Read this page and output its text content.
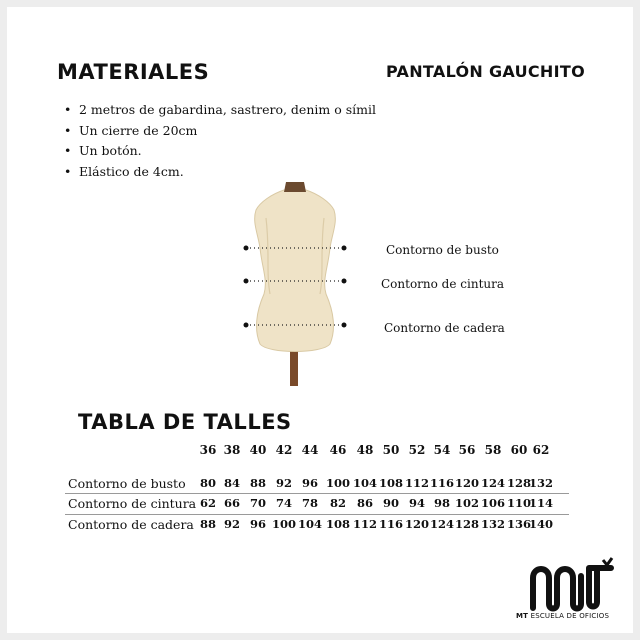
MATERIALES	PANTALÓN GAUCHITO
• 2 metros de gabardina, sastrero, denim o símil
• Un cierre de 20cm
• Un botón.
• Elástico de 4cm.
Contorno de busto
Contorno de cintura
Contorno de cadera
TABLA DE TALLES
36 38 40 42 44 46 48 50 52 54 56 58 60 62
Contorno de busto 80 84 88 92 96 100 104 108 112 116 120 124 128
132
Contorno de cintura 62 66 70 74 78 82 86 90 94 98 102 106 110
114
Contorno de cadera 88 92 96 100 104 108 112 116 120 124 128 132 136
140
MT ESCUELA DE OFICIOS
